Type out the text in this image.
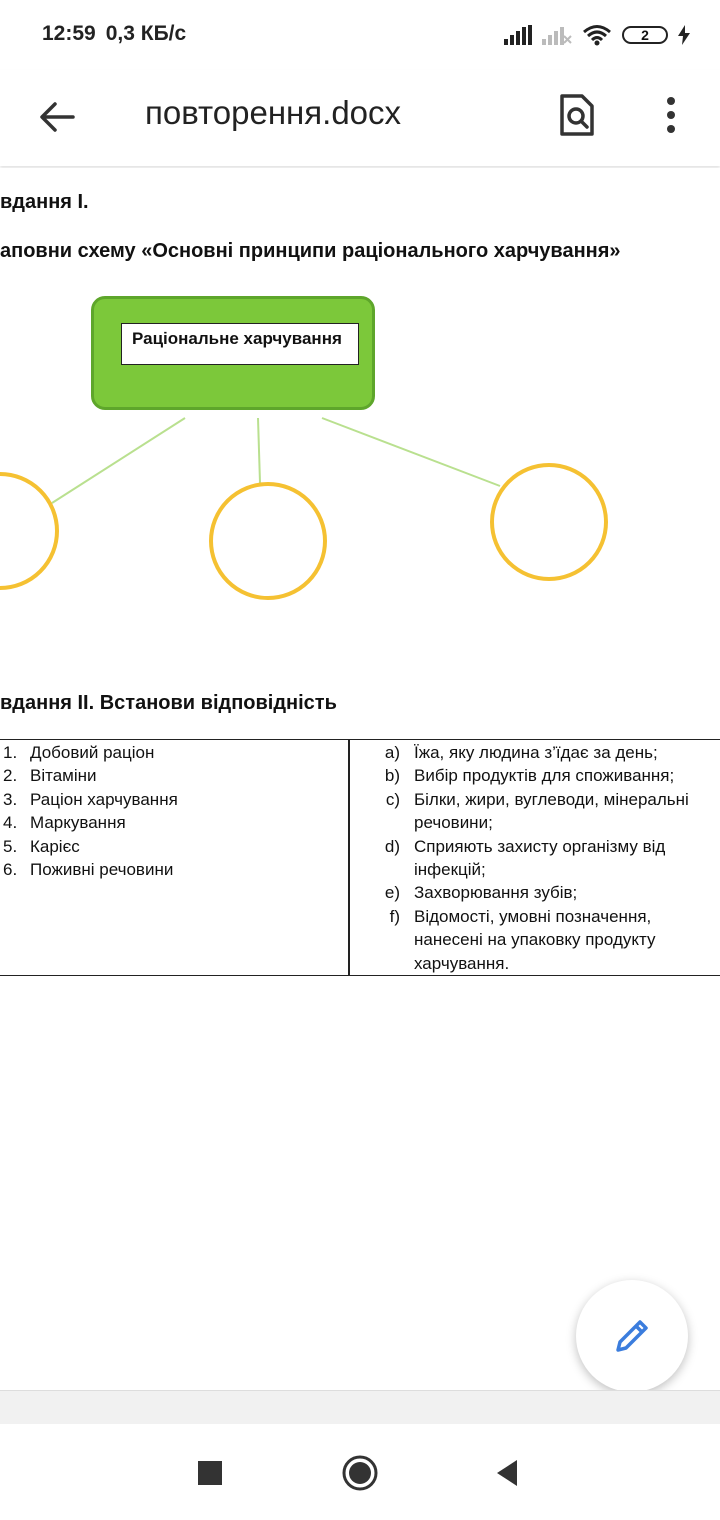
12:59 0,3 КБ/с	2
повторення.docx
вдання І.
аповни схему «Основні принципи раціонального харчування»
Раціональне харчування
вдання ІІ. Встанови відповідність
1. Добовий раціон
2. Вітаміни
3. Раціон харчування
4. Маркування
5. Карієс
6. Поживні речовини
a) Їжа, яку людина з’їдає за день;
b) Вибір продуктів для споживання;
c) Білки, жири, вуглеводи, мінеральні
речовини;
d) Сприяють захисту організму від
інфекцій;
e) Захворювання зубів;
f) Відомості, умовні позначення,
нанесені на упаковку продукту
харчування.
